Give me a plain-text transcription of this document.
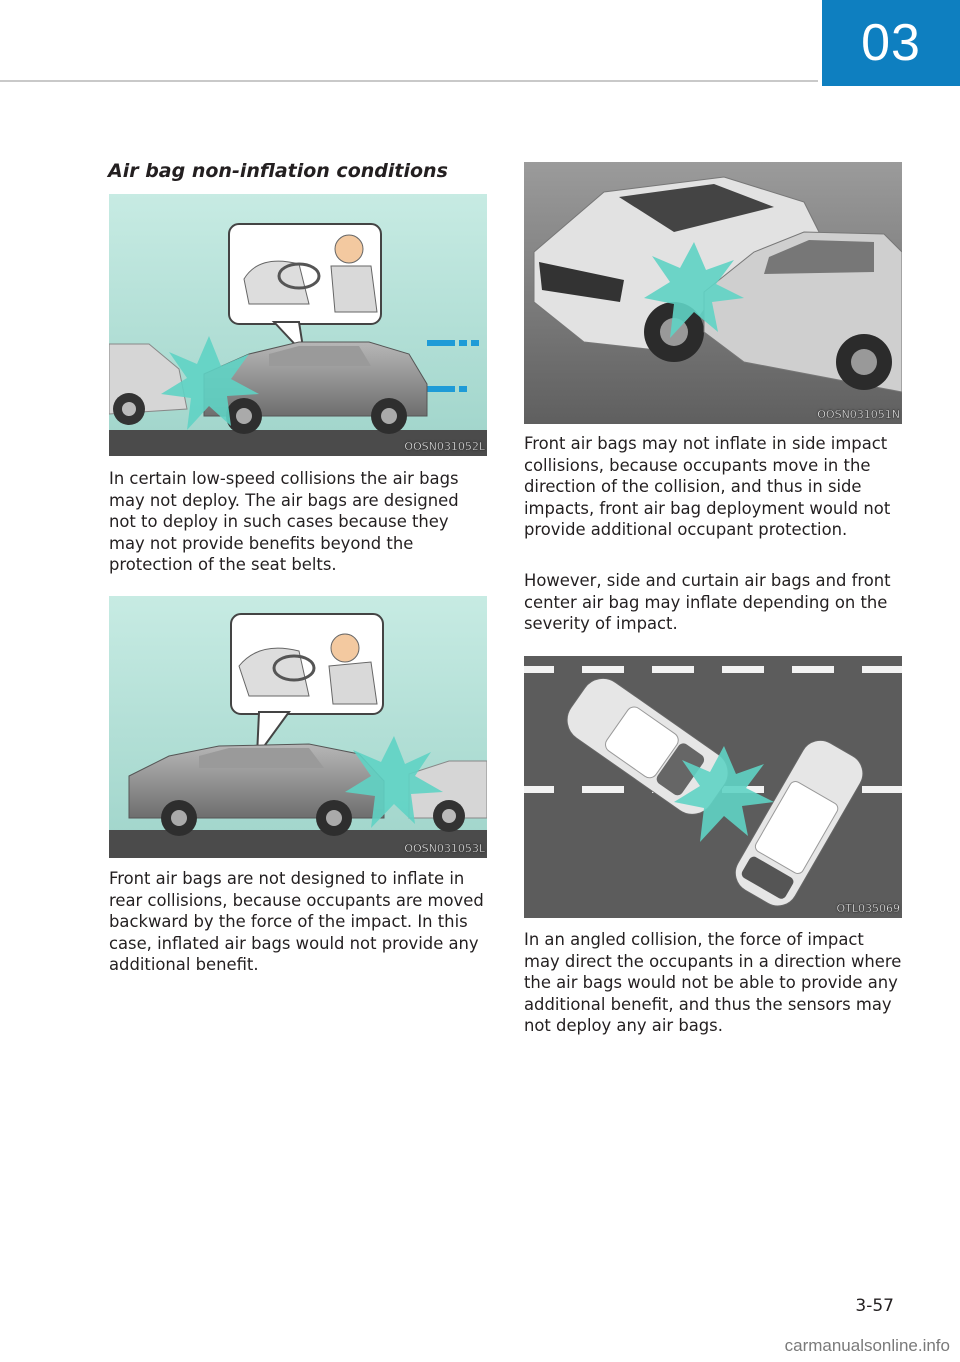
03
Air bag non-inflation conditions
OOSN031052L

In certain low-speed collisions the air bags may not deploy. The air bags are designed not to deploy in such cases because they may not provide benefits beyond the protection of the seat belts.

OOSN031053L

Front air bags are not designed to inflate in rear collisions, because occupants are moved backward by the force of the impact. In this case, inflated air bags would not provide any additional benefit.

OOSN031051N

Front air bags may not inflate in side impact collisions, because occupants move in the direction of the collision, and thus in side impacts, front air bag deployment would not provide additional occupant protection.

However, side and curtain air bags and front center air bag may inflate depending on the severity of impact.

OTL035069

In an angled collision, the force of impact may direct the occupants in a direction where the air bags would not be able to provide any additional benefit, and thus the sensors may not deploy any air bags.

3-57
carmanualsonline.info
